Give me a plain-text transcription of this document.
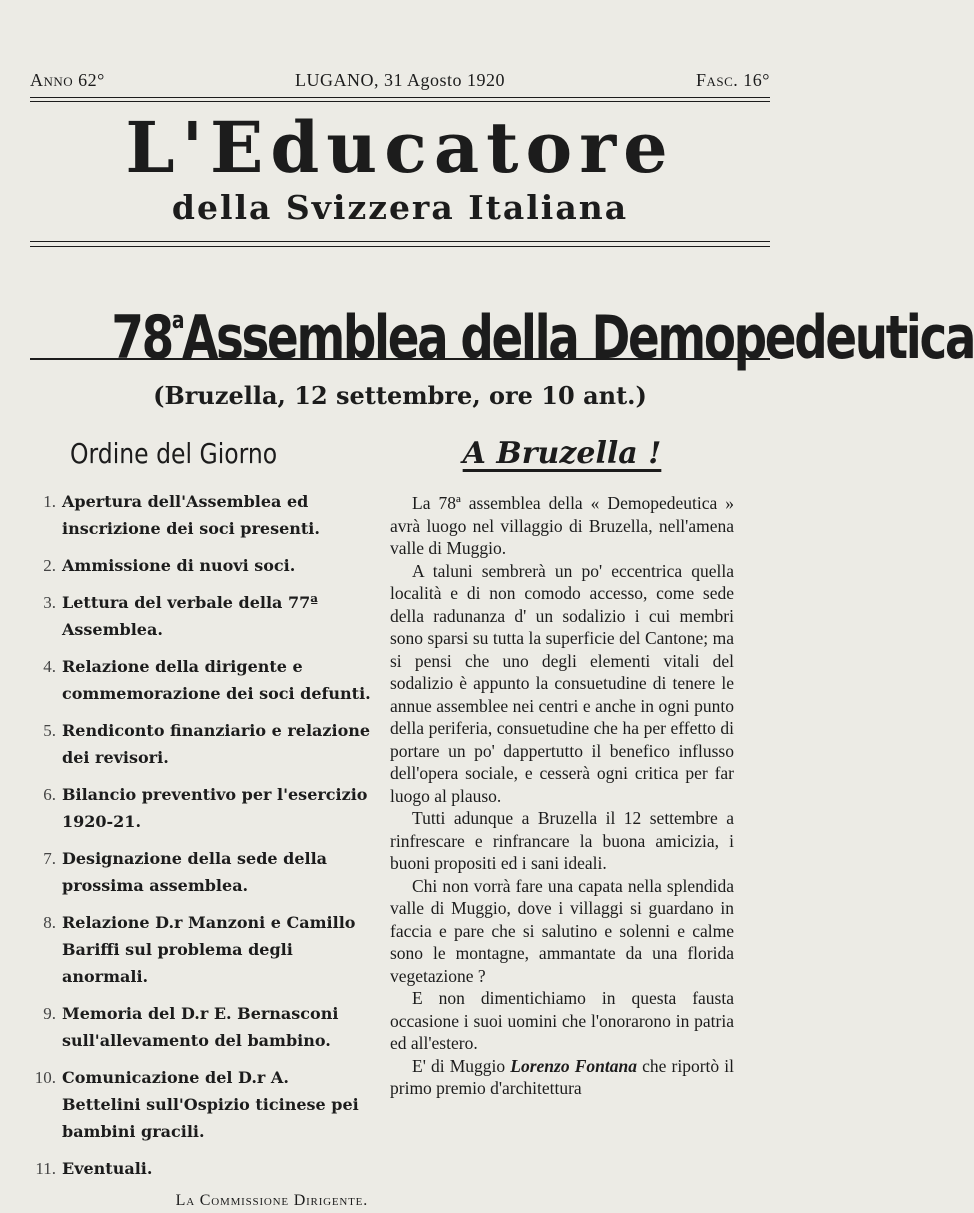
Anno 62°	LUGANO, 31 Agosto 1920	Fasc. 16°
L'Educatore
della Svizzera Italiana
78$^a$Assemblea della Demopedeutica
(Bruzella, 12 settembre, ore 10 ant.)
Ordine del Giorno
1. Apertura dell'Assemblea ed inscrizione dei soci presenti.
2. Ammissione di nuovi soci.
3. Lettura del verbale della 77ª Assemblea.
4. Relazione della dirigente e commemorazione dei soci defunti.
5. Rendiconto finanziario e relazione dei revisori.
6. Bilancio preventivo per l'esercizio 1920-21.
7. Designazione della sede della prossima assemblea.
8. Relazione D.r Manzoni e Camillo Bariffi sul problema degli anormali.
9. Memoria del D.r E. Bernasconi sull'allevamento del bambino.
10. Comunicazione del D.r A. Bettelini sull'Ospizio ticinese pei bambini gracili.
11. Eventuali.
La Commissione Dirigente.
A Bruzella !

La 78ª assemblea della « Demopedeutica » avrà luogo nel villaggio di Bruzella, nell'amena valle di Muggio.

A taluni sembrerà un po' eccentrica quella località e di non comodo accesso, come sede della radunanza d' un sodalizio i cui membri sono sparsi su tutta la superficie del Cantone; ma si pensi che uno degli elementi vitali del sodalizio è appunto la consuetudine di tenere le annue assemblee nei centri e anche in ogni punto della periferia, consuetudine che ha per effetto di portare un po' dappertutto il benefico influsso dell'opera sociale, e cesserà ogni critica per far luogo al plauso.

Tutti adunque a Bruzella il 12 settembre a rinfrescare e rinfrancare la buona amicizia, i buoni propositi ed i sani ideali.

Chi non vorrà fare una capata nella splendida valle di Muggio, dove i villaggi si guardano in faccia e pare che si salutino e solenni e calme sono le montagne, ammantate da una florida vegetazione ?

E non dimentichiamo in questa fausta occasione i suoi uomini che l'onorarono in patria ed all'estero.

E' di Muggio Lorenzo Fontana che riportò il primo premio d'architettura
